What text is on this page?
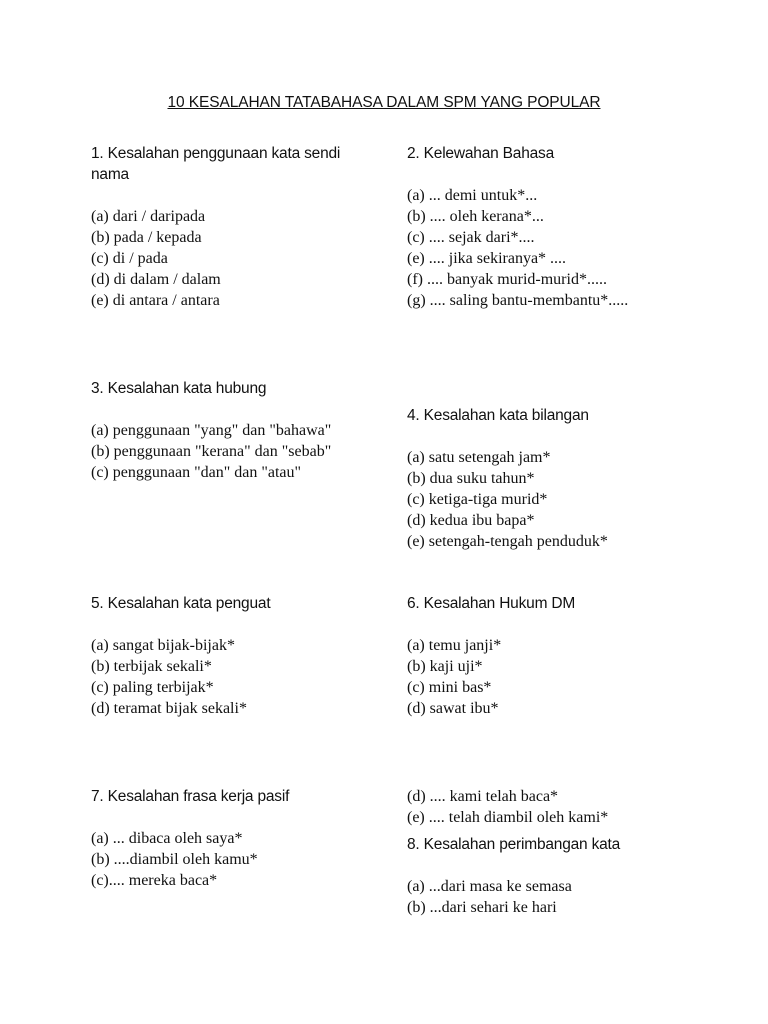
10 KESALAHAN TATABAHASA DALAM SPM YANG POPULAR

1. Kesalahan penggunaan kata sendi nama

(a) dari / daripada

(b) pada / kepada

(c) di / pada

(d) di dalam / dalam

(e) di antara / antara

2. Kelewahan Bahasa

(a) ... demi untuk*...

(b) .... oleh kerana*...

(c) .... sejak dari*....

(e) .... jika sekiranya* ....

(f) .... banyak murid-murid*.....

(g) .... saling bantu-membantu*.....

3. Kesalahan kata hubung

(a) penggunaan "yang" dan "bahawa"

(b) penggunaan "kerana" dan "sebab"

(c) penggunaan "dan" dan "atau"

4. Kesalahan kata bilangan

(a) satu setengah jam*

(b) dua suku tahun*

(c) ketiga-tiga murid*

(d) kedua ibu bapa*

(e) setengah-tengah penduduk*

5. Kesalahan kata penguat

(a) sangat bijak-bijak*

(b) terbijak sekali*

(c) paling terbijak*

(d) teramat bijak sekali*

6. Kesalahan Hukum DM

(a) temu janji*

(b) kaji uji*

(c) mini bas*

(d) sawat ibu*

7. Kesalahan frasa kerja pasif

(a) ... dibaca oleh saya*

(b) ....diambil oleh kamu*

(c).... mereka baca*

(d) .... kami telah baca*

(e) .... telah diambil oleh kami*

8. Kesalahan perimbangan kata

(a) ...dari masa ke semasa

(b) ...dari sehari ke hari
